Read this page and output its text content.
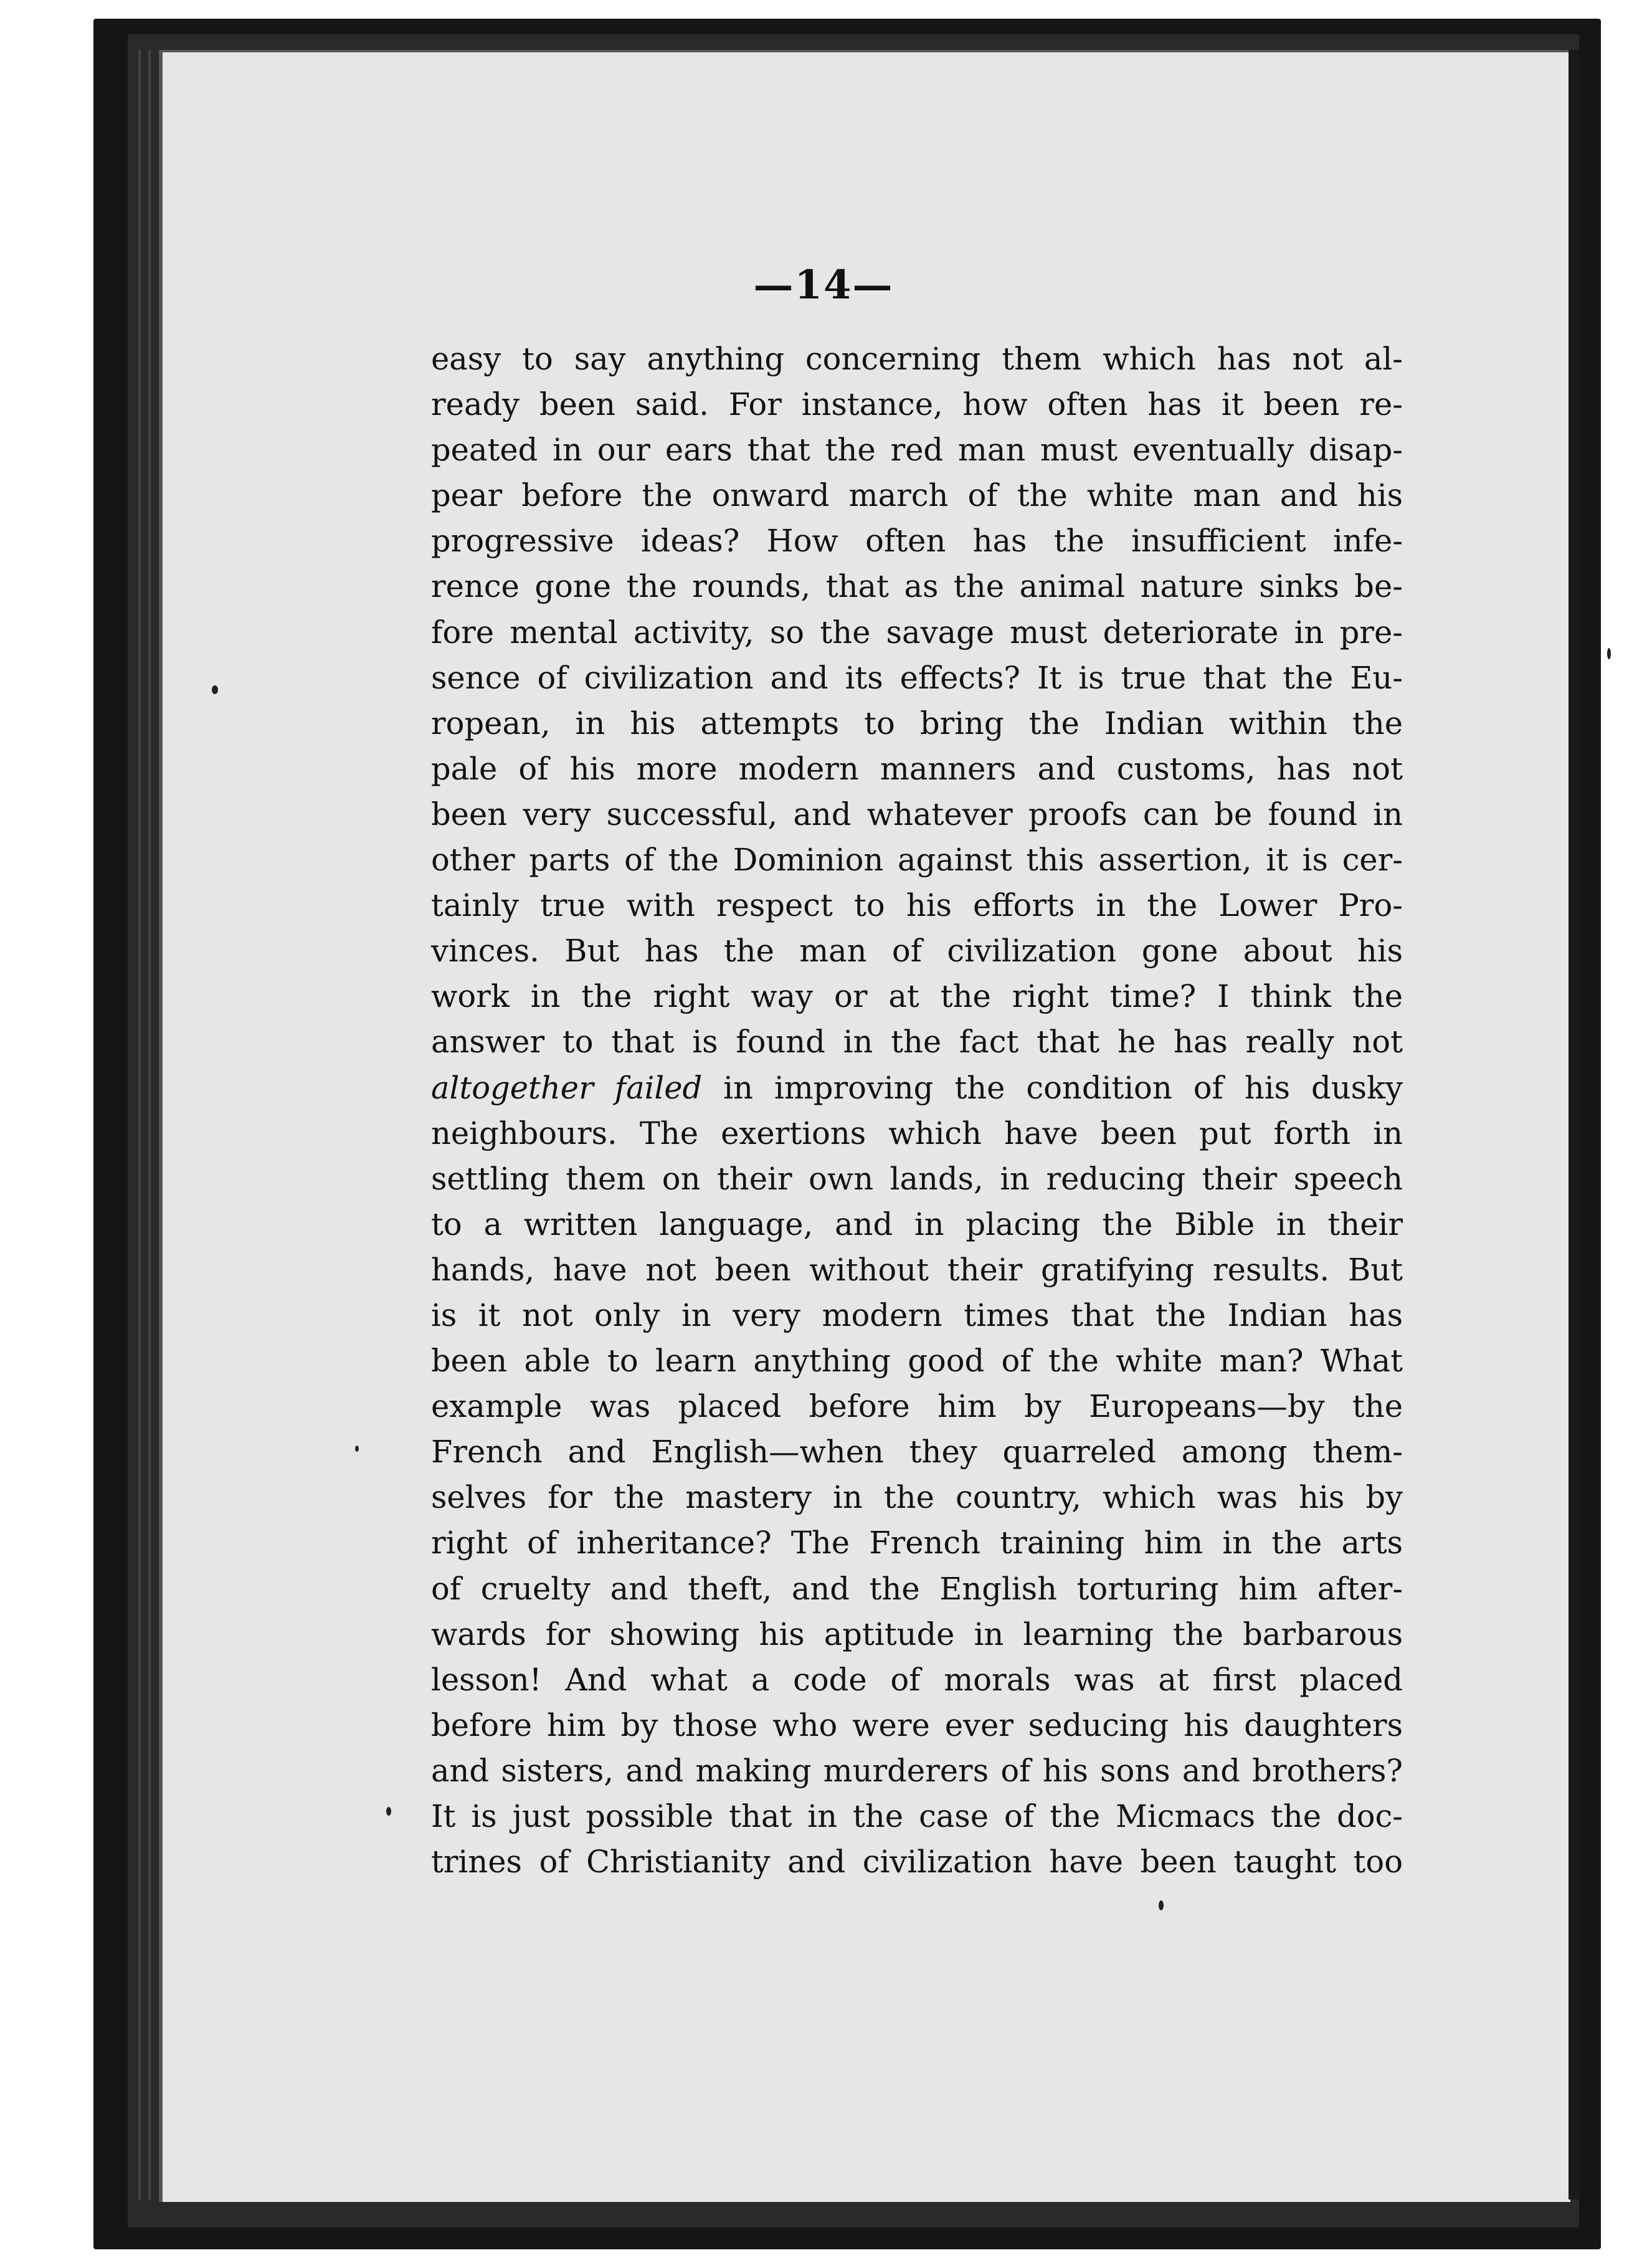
—14—
easy to say anything concerning them which has not al-
ready been said. For instance, how often has it been re-
peated in our ears that the red man must eventually disap-
pear before the onward march of the white man and his
progressive ideas? How often has the insufficient infe-
rence gone the rounds, that as the animal nature sinks be-
fore mental activity, so the savage must deteriorate in pre-
sence of civilization and its effects? It is true that the Eu-
ropean, in his attempts to bring the Indian within the
pale of his more modern manners and customs, has not
been very successful, and whatever proofs can be found in
other parts of the Dominion against this assertion, it is cer-
tainly true with respect to his efforts in the Lower Pro-
vinces. But has the man of civilization gone about his
work in the right way or at the right time? I think the
answer to that is found in the fact that he has really not
altogether failed in improving the condition of his dusky
neighbours. The exertions which have been put forth in
settling them on their own lands, in reducing their speech
to a written language, and in placing the Bible in their
hands, have not been without their gratifying results. But
is it not only in very modern times that the Indian has
been able to learn anything good of the white man? What
example was placed before him by Europeans—by the
French and English—when they quarreled among them-
selves for the mastery in the country, which was his by
right of inheritance? The French training him in the arts
of cruelty and theft, and the English torturing him after-
wards for showing his aptitude in learning the barbarous
lesson! And what a code of morals was at first placed
before him by those who were ever seducing his daughters
and sisters, and making murderers of his sons and brothers?
It is just possible that in the case of the Micmacs the doc-
trines of Christianity and civilization have been taught too
